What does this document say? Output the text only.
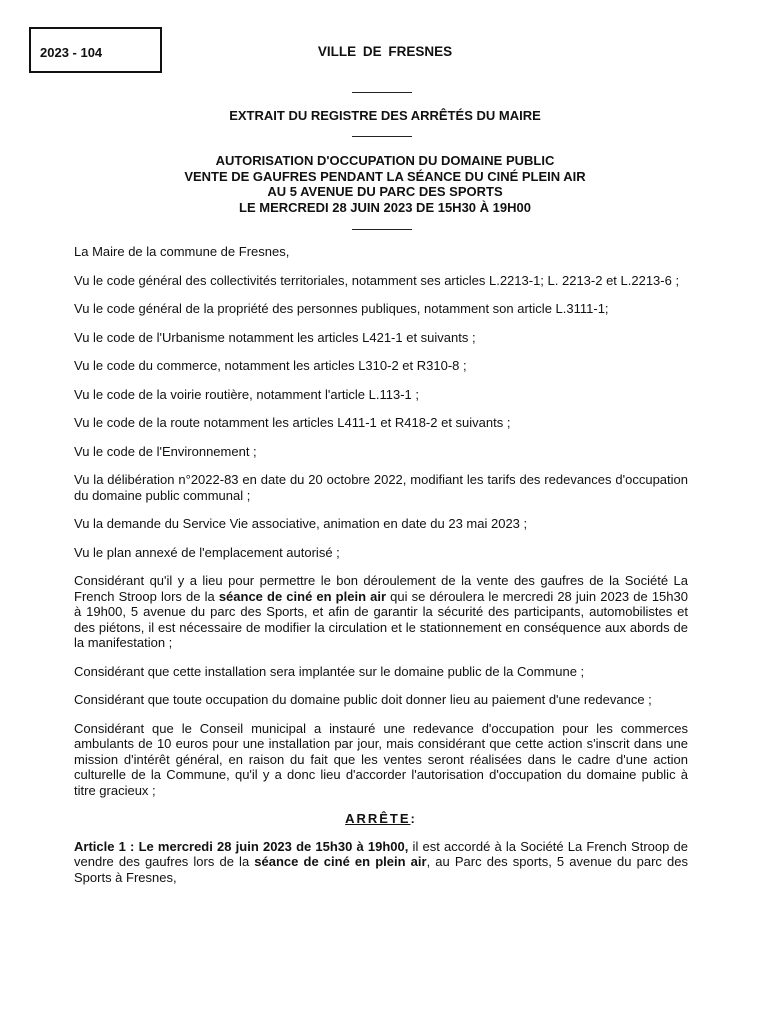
2023 - 104	VILLE DE FRESNES
EXTRAIT DU REGISTRE DES ARRÊTÉS DU MAIRE
AUTORISATION D'OCCUPATION DU DOMAINE PUBLIC
VENTE DE GAUFRES PENDANT LA SÉANCE DU CINÉ PLEIN AIR
AU 5 AVENUE DU PARC DES SPORTS
LE MERCREDI 28 JUIN 2023 DE 15H30 À 19H00

La Maire de la commune de Fresnes,

Vu le code général des collectivités territoriales, notamment ses articles L.2213-1; L. 2213-2 et L.2213-6 ;

Vu le code général de la propriété des personnes publiques, notamment son article L.3111-1;

Vu le code de l'Urbanisme notamment les articles L421-1 et suivants ;

Vu le code du commerce, notamment les articles L310-2 et R310-8 ;

Vu le code de la voirie routière, notamment l'article L.113-1 ;

Vu le code de la route notamment les articles L411-1 et R418-2 et suivants ;

Vu le code de l'Environnement ;

Vu la délibération n°2022-83 en date du 20 octobre 2022, modifiant les tarifs des redevances d'occupation du domaine public communal ;

Vu la demande du Service Vie associative, animation en date du 23 mai 2023 ;

Vu le plan annexé de l'emplacement autorisé ;

Considérant qu'il y a lieu pour permettre le bon déroulement de la vente des gaufres de la Société La French Stroop lors de la séance de ciné en plein air qui se déroulera le mercredi 28 juin 2023 de 15h30 à 19h00, 5 avenue du parc des Sports, et afin de garantir la sécurité des participants, automobilistes et des piétons, il est nécessaire de modifier la circulation et le stationnement en conséquence aux abords de la manifestation ;

Considérant que cette installation sera implantée sur le domaine public de la Commune ;

Considérant que toute occupation du domaine public doit donner lieu au paiement d'une redevance ;

Considérant que le Conseil municipal a instauré une redevance d'occupation pour les commerces ambulants de 10 euros pour une installation par jour, mais considérant que cette action s'inscrit dans une mission d'intérêt général, en raison du fait que les ventes seront réalisées dans le cadre d'une action culturelle de la Commune, qu'il y a donc lieu d'accorder l'autorisation d'occupation du domaine public à titre gracieux ;

ARRÊTE:

Article 1 : Le mercredi 28 juin 2023 de 15h30 à 19h00, il est accordé à la Société La French Stroop de vendre des gaufres lors de la séance de ciné en plein air, au Parc des sports, 5 avenue du parc des Sports à Fresnes,
